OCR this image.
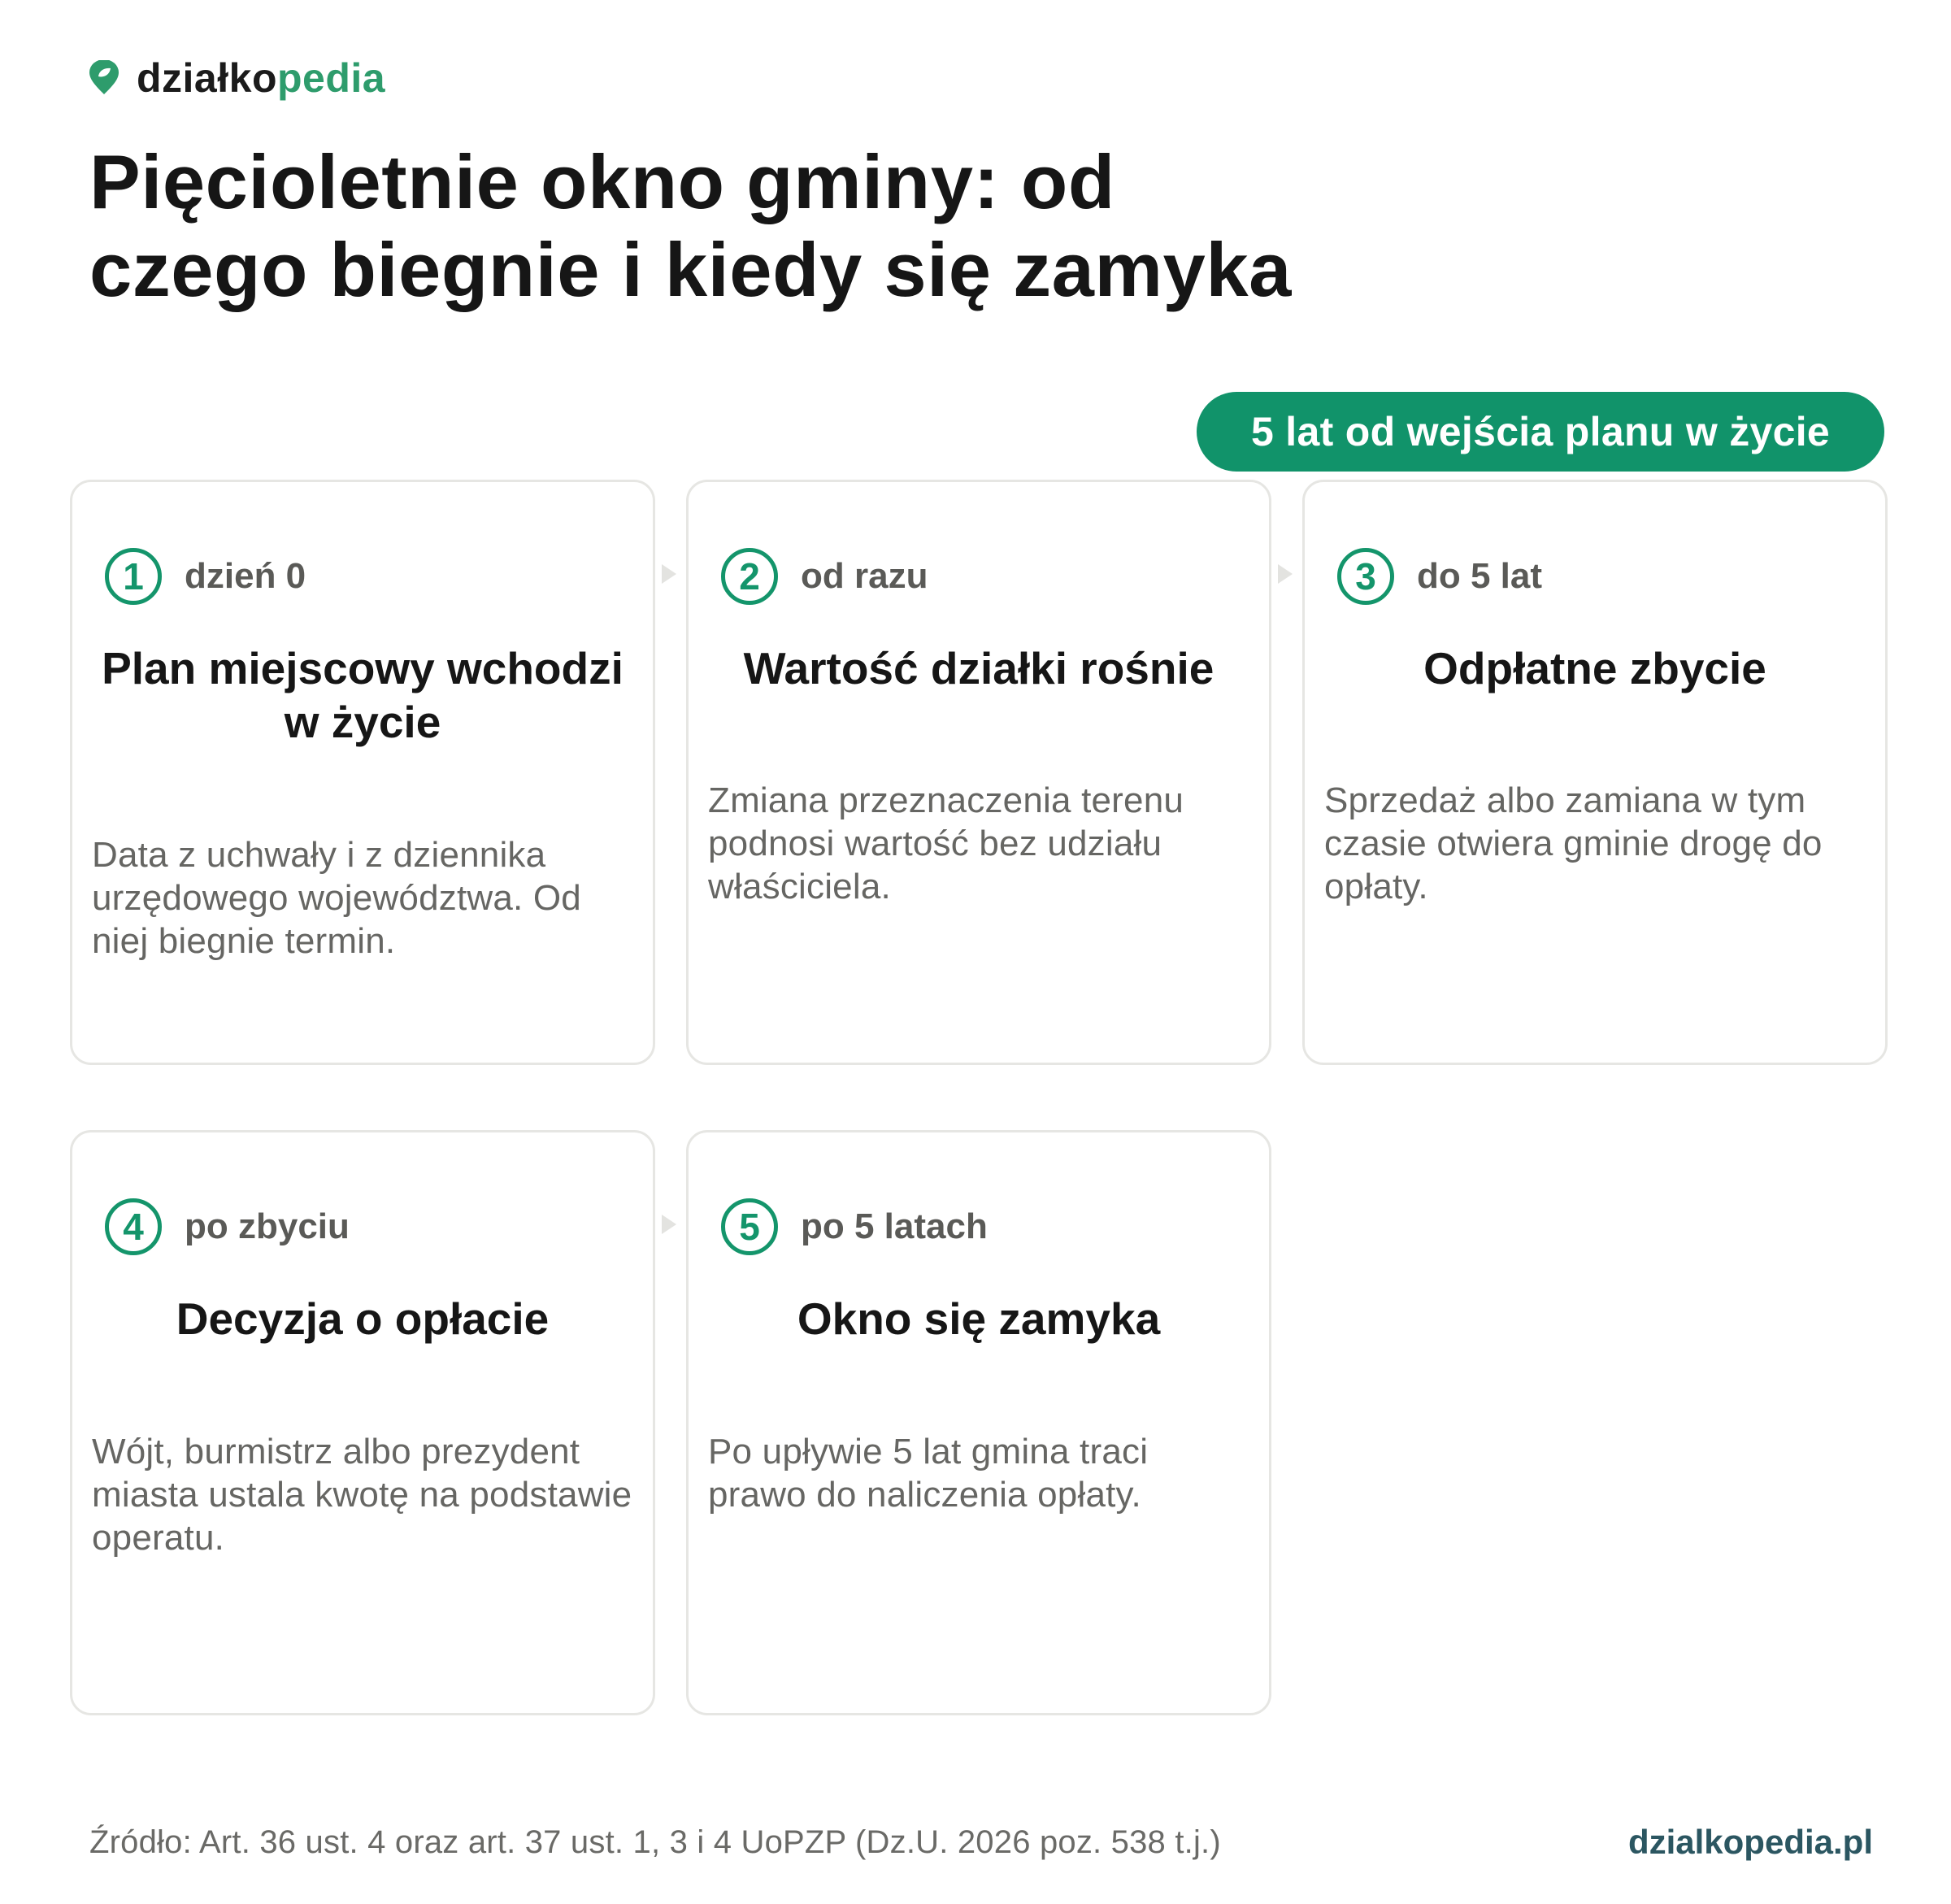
działkopedia
Pięcioletnie okno gminy: od
czego biegnie i kiedy się zamyka
5 lat od wejścia planu w życie
1	dzień 0
Plan miejscowy wchodzi
w życie
Data z uchwały i z dziennika urzędowego województwa. Od niej biegnie termin.
2	od razu
Wartość działki rośnie
Zmiana przeznaczenia terenu podnosi wartość bez udziału właściciela.
3	do 5 lat
Odpłatne zbycie
Sprzedaż albo zamiana w tym czasie otwiera gminie drogę do opłaty.
4	po zbyciu
Decyzja o opłacie
Wójt, burmistrz albo prezydent miasta ustala kwotę na podstawie operatu.
5	po 5 latach
Okno się zamyka
Po upływie 5 lat gmina traci prawo do naliczenia opłaty.
Źródło: Art. 36 ust. 4 oraz art. 37 ust. 1, 3 i 4 UoPZP (Dz.U. 2026 poz. 538 t.j.)	dzialkopedia.pl
